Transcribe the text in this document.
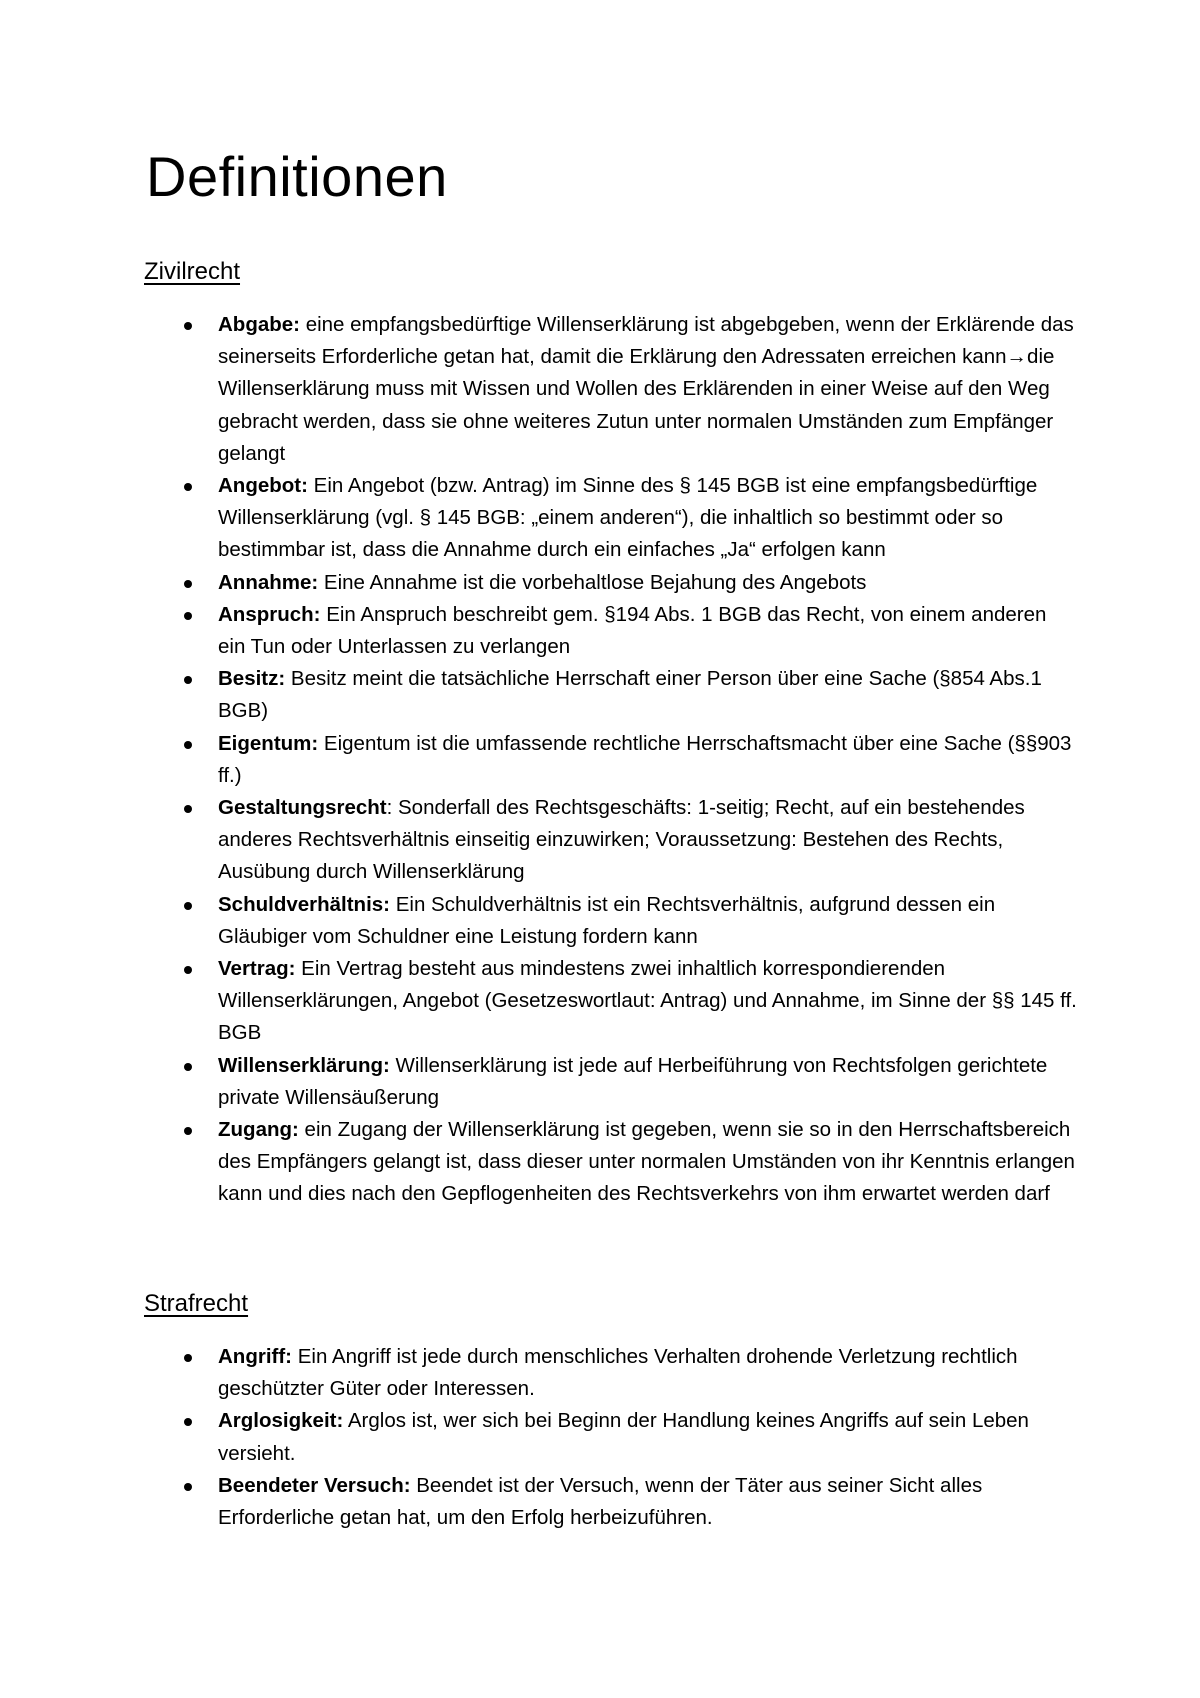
Definitionen
Zivilrecht
Abgabe: eine empfangsbedürftige Willenserklärung ist abgebgeben, wenn der Erklärende das seinerseits Erforderliche getan hat, damit die Erklärung den Adressaten erreichen kann→die Willenserklärung muss mit Wissen und Wollen des Erklärenden in einer Weise auf den Weg gebracht werden, dass sie ohne weiteres Zutun unter normalen Umständen zum Empfänger gelangt
Angebot: Ein Angebot (bzw. Antrag) im Sinne des § 145 BGB ist eine empfangsbedürftige Willenserklärung (vgl. § 145 BGB: „einem anderen“), die inhaltlich so bestimmt oder so bestimmbar ist, dass die Annahme durch ein einfaches „Ja“ erfolgen kann
Annahme: Eine Annahme ist die vorbehaltlose Bejahung des Angebots
Anspruch: Ein Anspruch beschreibt gem. §194 Abs. 1 BGB das Recht, von einem anderen ein Tun oder Unterlassen zu verlangen
Besitz: Besitz meint die tatsächliche Herrschaft einer Person über eine Sache (§854 Abs.1 BGB)
Eigentum: Eigentum ist die umfassende rechtliche Herrschaftsmacht über eine Sache (§§903 ff.)
Gestaltungsrecht: Sonderfall des Rechtsgeschäfts: 1-seitig; Recht, auf ein bestehendes anderes Rechtsverhältnis einseitig einzuwirken; Voraussetzung: Bestehen des Rechts, Ausübung durch Willenserklärung
Schuldverhältnis: Ein Schuldverhältnis ist ein Rechtsverhältnis, aufgrund dessen ein Gläubiger vom Schuldner eine Leistung fordern kann
Vertrag: Ein Vertrag besteht aus mindestens zwei inhaltlich korrespondierenden Willenserklärungen, Angebot (Gesetzeswortlaut: Antrag) und Annahme, im Sinne der §§ 145 ff. BGB
Willenserklärung: Willenserklärung ist jede auf Herbeiführung von Rechtsfolgen gerichtete private Willensäußerung
Zugang: ein Zugang der Willenserklärung ist gegeben, wenn sie so in den Herrschaftsbereich des Empfängers gelangt ist, dass dieser unter normalen Umständen von ihr Kenntnis erlangen kann und dies nach den Gepflogenheiten des Rechtsverkehrs von ihm erwartet werden darf
Strafrecht
Angriff: Ein Angriff ist jede durch menschliches Verhalten drohende Verletzung rechtlich geschützter Güter oder Interessen.
Arglosigkeit: Arglos ist, wer sich bei Beginn der Handlung keines Angriffs auf sein Leben versieht.
Beendeter Versuch: Beendet ist der Versuch, wenn der Täter aus seiner Sicht alles Erforderliche getan hat, um den Erfolg herbeizuführen.
